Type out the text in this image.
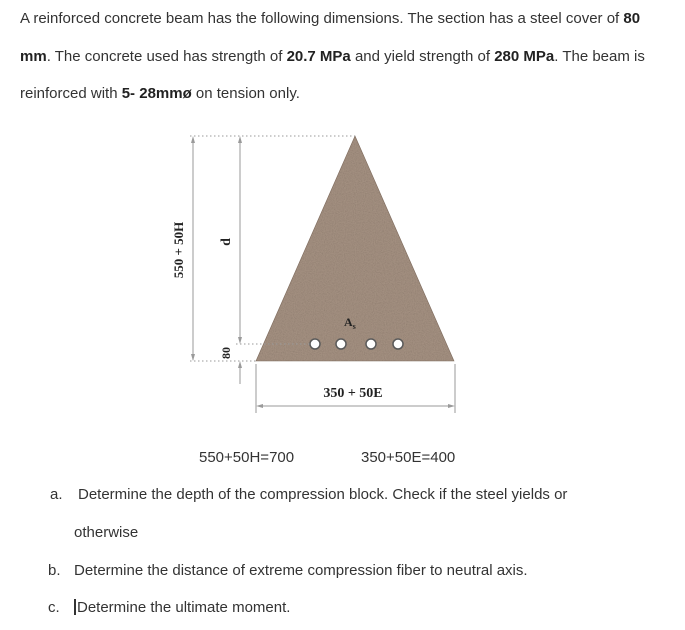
A reinforced concrete beam has the following dimensions. The section has a steel cover of 80 mm. The concrete used has strength of 20.7 MPa and yield strength of 280 MPa. The beam is reinforced with 5- 28mmø on tension only.

$A_s$
550 + 50H d
80
350 + 50E
550+50H=700	350+50E=400
a. Determine the depth of the compression block. Check if the steel yields or
otherwise
b. Determine the distance of extreme compression fiber to neutral axis.
c. Determine the ultimate moment.
